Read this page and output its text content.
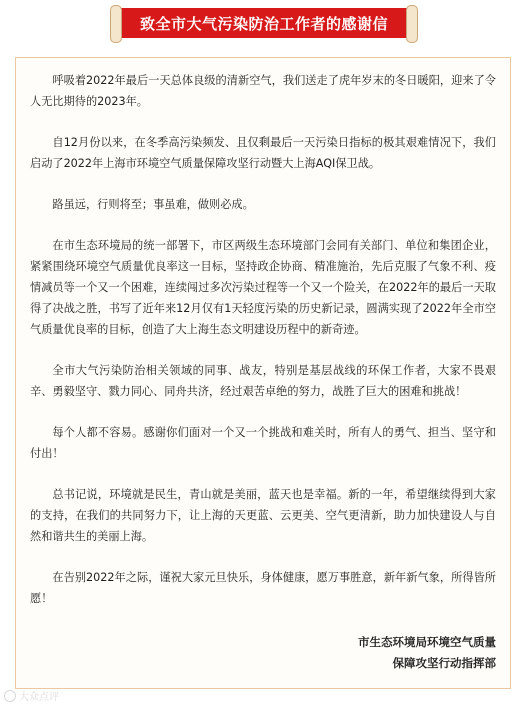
致全市大气污染防治工作者的感谢信

呼吸着2022年最后一天总体良级的清新空气，我们送走了虎年岁末的冬日暖阳，迎来了令人无比期待的2023年。

自12月份以来，在冬季高污染频发、且仅剩最后一天污染日指标的极其艰难情况下，我们启动了2022年上海市环境空气质量保障攻坚行动暨大上海AQI保卫战。

路虽远，行则将至；事虽难，做则必成。

在市生态环境局的统一部署下，市区两级生态环境部门会同有关部门、单位和集团企业，紧紧围绕环境空气质量优良率这一目标，坚持政企协商、精准施治，先后克服了气象不利、疫情减员等一个又一个困难，连续闯过多次污染过程等一个又一个险关，在2022年的最后一天取得了决战之胜，书写了近年来12月仅有1天轻度污染的历史新记录，圆满实现了2022年全市空气质量优良率的目标，创造了大上海生态文明建设历程中的新奇迹。

全市大气污染防治相关领域的同事、战友，特别是基层战线的环保工作者，大家不畏艰辛、勇毅坚守、戮力同心、同舟共济，经过艰苦卓绝的努力，战胜了巨大的困难和挑战！

每个人都不容易。感谢你们面对一个又一个挑战和难关时，所有人的勇气、担当、坚守和付出！

总书记说，环境就是民生，青山就是美丽，蓝天也是幸福。新的一年，希望继续得到大家的支持，在我们的共同努力下，让上海的天更蓝、云更美、空气更清新，助力加快建设人与自然和谐共生的美丽上海。

在告别2022年之际，谨祝大家元旦快乐，身体健康，愿万事胜意，新年新气象，所得皆所愿！

市生态环境局环境空气质量
保障攻坚行动指挥部
大众点评
